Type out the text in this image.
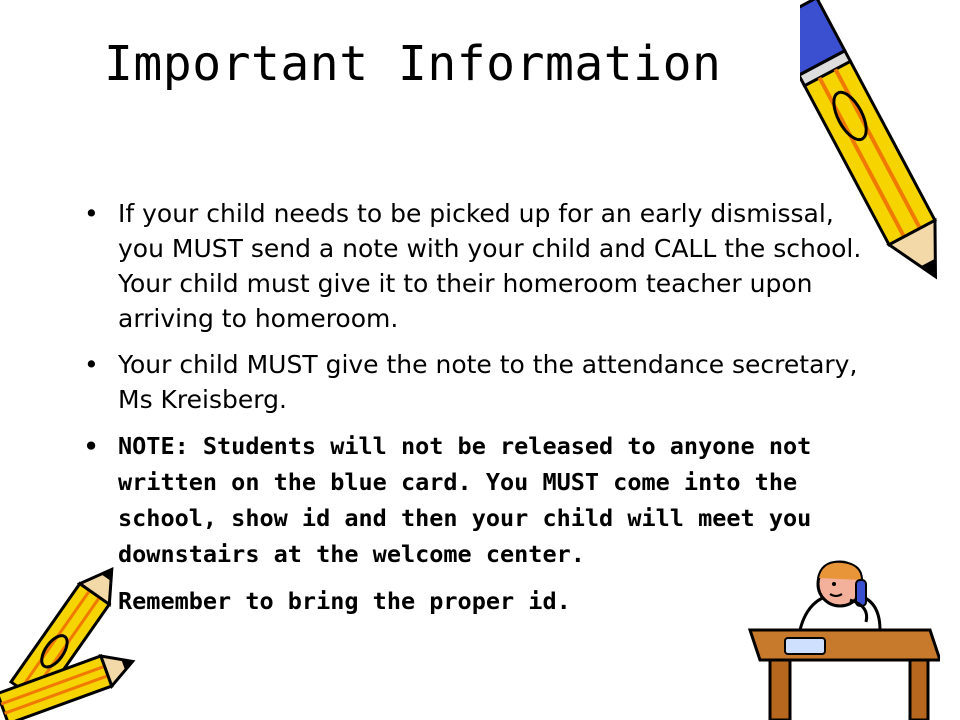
Important Information
• If your child needs to be picked up for an early dismissal, you MUST send a note with your child and CALL the school. Your child must give it to their homeroom teacher upon arriving to homeroom.
• Your child MUST give the note to the attendance secretary, Ms Kreisberg.
• NOTE: Students will not be released to anyone not written on the blue card. You MUST come into the school, show id and then your child will meet you downstairs at the welcome center.
Remember to bring the proper id.
